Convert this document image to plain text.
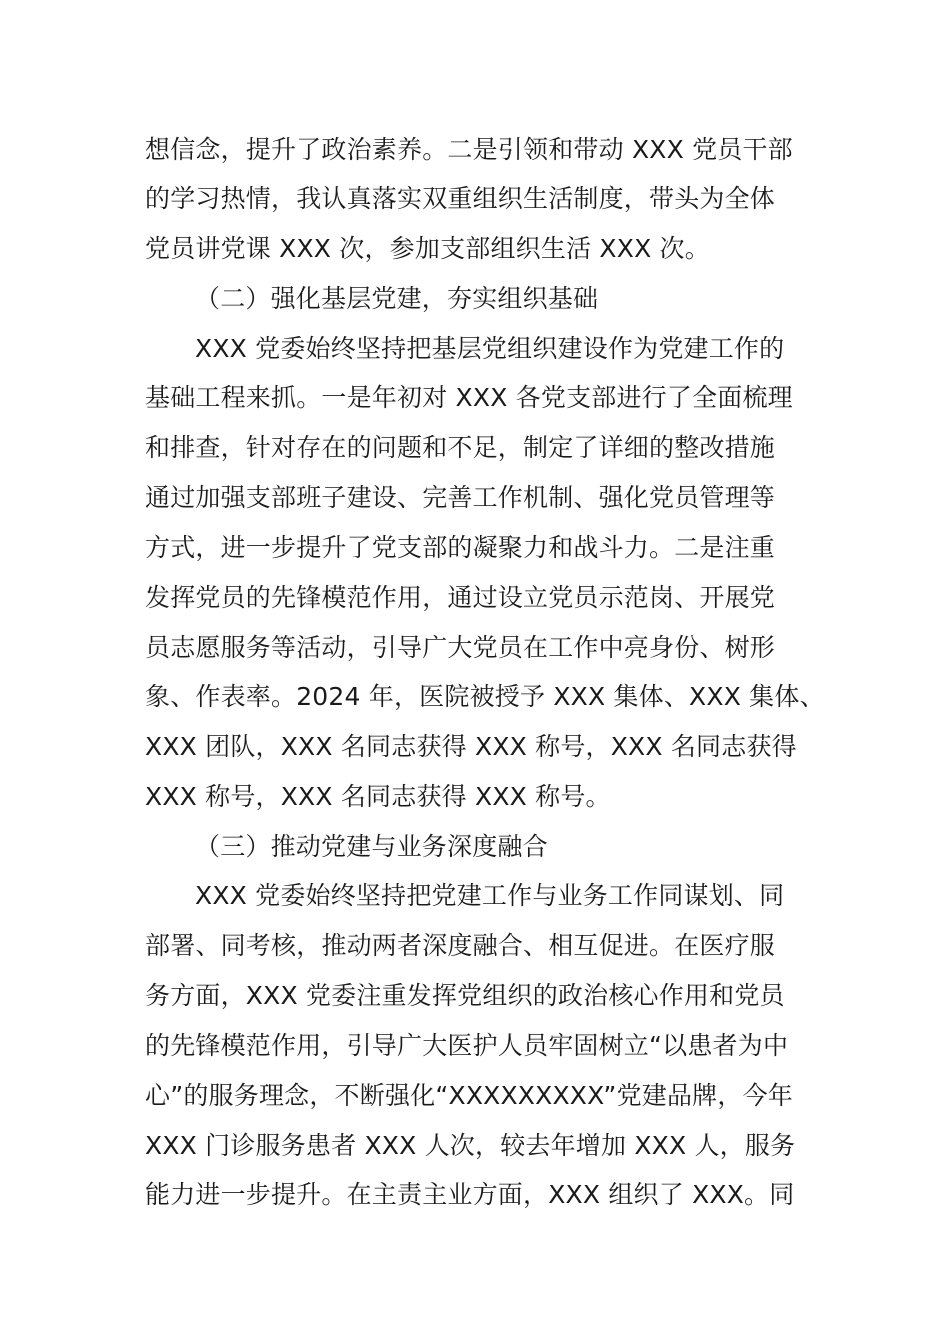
想信念，提升了政治素养。二是引领和带动 XXX 党员干部
的学习热情，我认真落实双重组织生活制度，带头为全体
党员讲党课 XXX 次，参加支部组织生活 XXX 次。
（二）强化基层党建，夯实组织基础
XXX 党委始终坚持把基层党组织建设作为党建工作的
基础工程来抓。一是年初对 XXX 各党支部进行了全面梳理
和排查，针对存在的问题和不足，制定了详细的整改措施
通过加强支部班子建设、完善工作机制、强化党员管理等
方式，进一步提升了党支部的凝聚力和战斗力。二是注重
发挥党员的先锋模范作用，通过设立党员示范岗、开展党
员志愿服务等活动，引导广大党员在工作中亮身份、树形
象、作表率。2024 年，医院被授予 XXX 集体、XXX 集体、
XXX 团队，XXX 名同志获得 XXX 称号，XXX 名同志获得
XXX 称号，XXX 名同志获得 XXX 称号。
（三）推动党建与业务深度融合
XXX 党委始终坚持把党建工作与业务工作同谋划、同
部署、同考核，推动两者深度融合、相互促进。在医疗服
务方面，XXX 党委注重发挥党组织的政治核心作用和党员
的先锋模范作用，引导广大医护人员牢固树立“以患者为中
心”的服务理念，不断强化“XXXXXXXXX”党建品牌，今年
XXX 门诊服务患者 XXX 人次，较去年增加 XXX 人，服务
能力进一步提升。在主责主业方面，XXX 组织了 XXX。同
